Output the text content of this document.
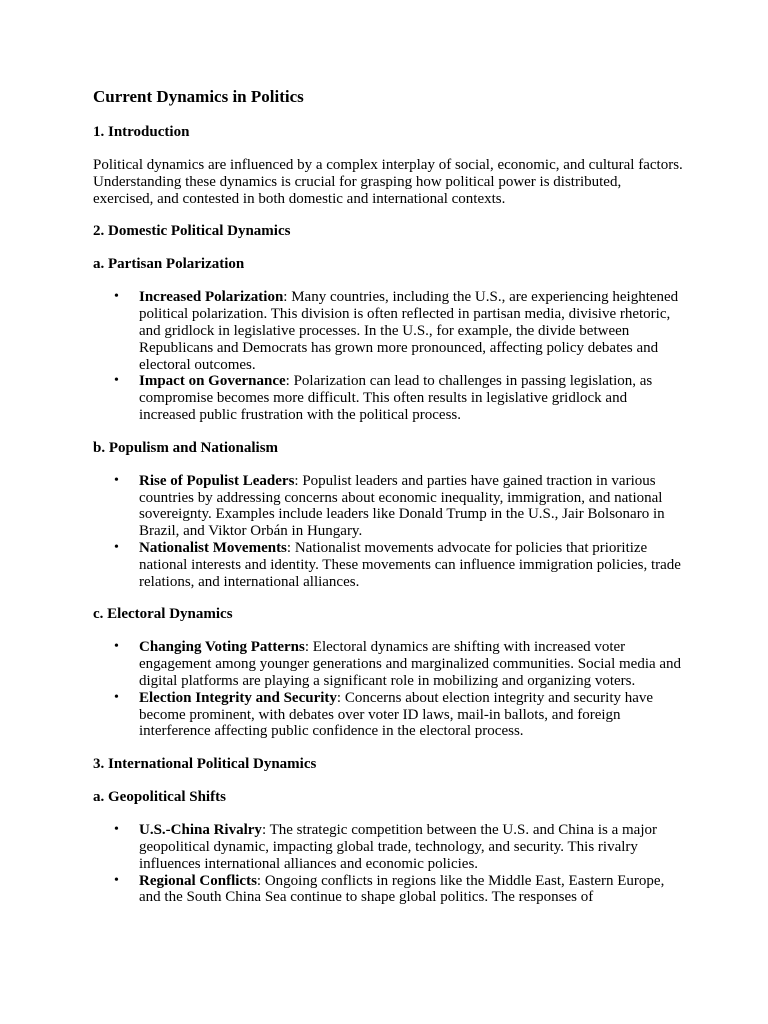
Current Dynamics in Politics
1. Introduction

Political dynamics are influenced by a complex interplay of social, economic, and cultural factors. Understanding these dynamics is crucial for grasping how political power is distributed, exercised, and contested in both domestic and international contexts.

2. Domestic Political Dynamics
a. Partisan Polarization
• Increased Polarization: Many countries, including the U.S., are experiencing heightened political polarization. This division is often reflected in partisan media, divisive rhetoric, and gridlock in legislative processes. In the U.S., for example, the divide between Republicans and Democrats has grown more pronounced, affecting policy debates and electoral outcomes.
• Impact on Governance: Polarization can lead to challenges in passing legislation, as compromise becomes more difficult. This often results in legislative gridlock and increased public frustration with the political process.
b. Populism and Nationalism
• Rise of Populist Leaders: Populist leaders and parties have gained traction in various countries by addressing concerns about economic inequality, immigration, and national sovereignty. Examples include leaders like Donald Trump in the U.S., Jair Bolsonaro in Brazil, and Viktor Orbán in Hungary.
• Nationalist Movements: Nationalist movements advocate for policies that prioritize national interests and identity. These movements can influence immigration policies, trade relations, and international alliances.
c. Electoral Dynamics
• Changing Voting Patterns: Electoral dynamics are shifting with increased voter engagement among younger generations and marginalized communities. Social media and digital platforms are playing a significant role in mobilizing and organizing voters.
• Election Integrity and Security: Concerns about election integrity and security have become prominent, with debates over voter ID laws, mail-in ballots, and foreign interference affecting public confidence in the electoral process.
3. International Political Dynamics
a. Geopolitical Shifts
• U.S.-China Rivalry: The strategic competition between the U.S. and China is a major geopolitical dynamic, impacting global trade, technology, and security. This rivalry influences international alliances and economic policies.
• Regional Conflicts: Ongoing conflicts in regions like the Middle East, Eastern Europe, and the South China Sea continue to shape global politics. The responses of
